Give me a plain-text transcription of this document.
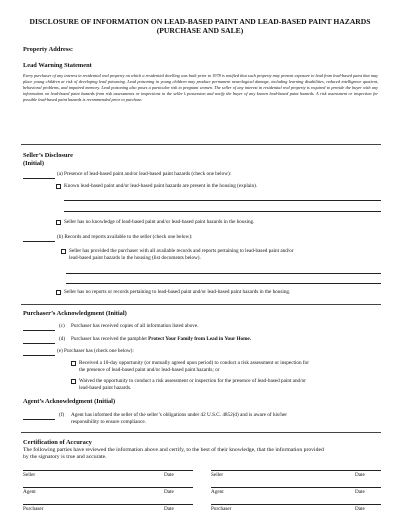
DISCLOSURE OF INFORMATION ON LEAD-BASED PAINT AND LEAD-BASED PAINT HAZARDS
(PURCHASE AND SALE)
Property Address:
Lead Warning Statement
Every purchaser of any interest in residential real property on which a residential dwelling was built prior to 1978 is notified that such property may present exposure to lead from lead-based paint that may place young children at risk of developing lead poisoning. Lead poisoning in young children may produce permanent neurological damage, including learning disabilities, reduced intelligence quotient, behavioral problems, and impaired memory. Lead poisoning also poses a particular risk to pregnant women. The seller of any interest in residential real property is required to provide the buyer with any information on lead-based paint hazards from risk assessments or inspections in the seller’s possession and notify the buyer of any known lead-based paint hazards. A risk assessment or inspection for possible lead-based paint hazards is recommended prior to purchase.
Seller’s Disclosure
(Initial)
(a) Presence of lead-based paint and/or lead-based paint hazards (check one below):
Known lead-based paint and/or lead-based paint hazards are present in the housing (explain).
Seller has no knowledge of lead-based paint and/or lead-based paint hazards in the housing.
(b) Records and reports available to the seller (check one below):
Seller has provided the purchaser with all available records and reports pertaining to lead-based paint and/or
lead-based paint hazards in the housing (list documents below).
Seller has no reports or records pertaining to lead-based paint and/or lead-based paint hazards in the housing.
Purchaser’s Acknowledgment (Initial)
(c) Purchaser has received copies of all information listed above.
(d) Purchaser has received the pamphlet Protect Your Family from Lead in Your Home.
(e) Purchaser has (check one below):
Received a 10-day opportunity (or mutually agreed upon period) to conduct a risk assessment or inspection for
the presence of lead-based paint and/or lead-based paint hazards; or
Waived the opportunity to conduct a risk assessment or inspection for the presence of lead-based paint and/or
lead-based paint hazards.
Agent’s Acknowledgment (Initial)
(f) Agent has informed the seller of the seller’s obligations under 42 U.S.C. 4852(d) and is aware of his/her
responsibility to ensure compliance.
Certification of Accuracy
The following parties have reviewed the information above and certify, to the best of their knowledge, that the information provided
by the signatory is true and accurate.
Seller	Date	Seller	Date
Agent	Date	Agent	Date
Purchaser	Date	Purchaser	Date
